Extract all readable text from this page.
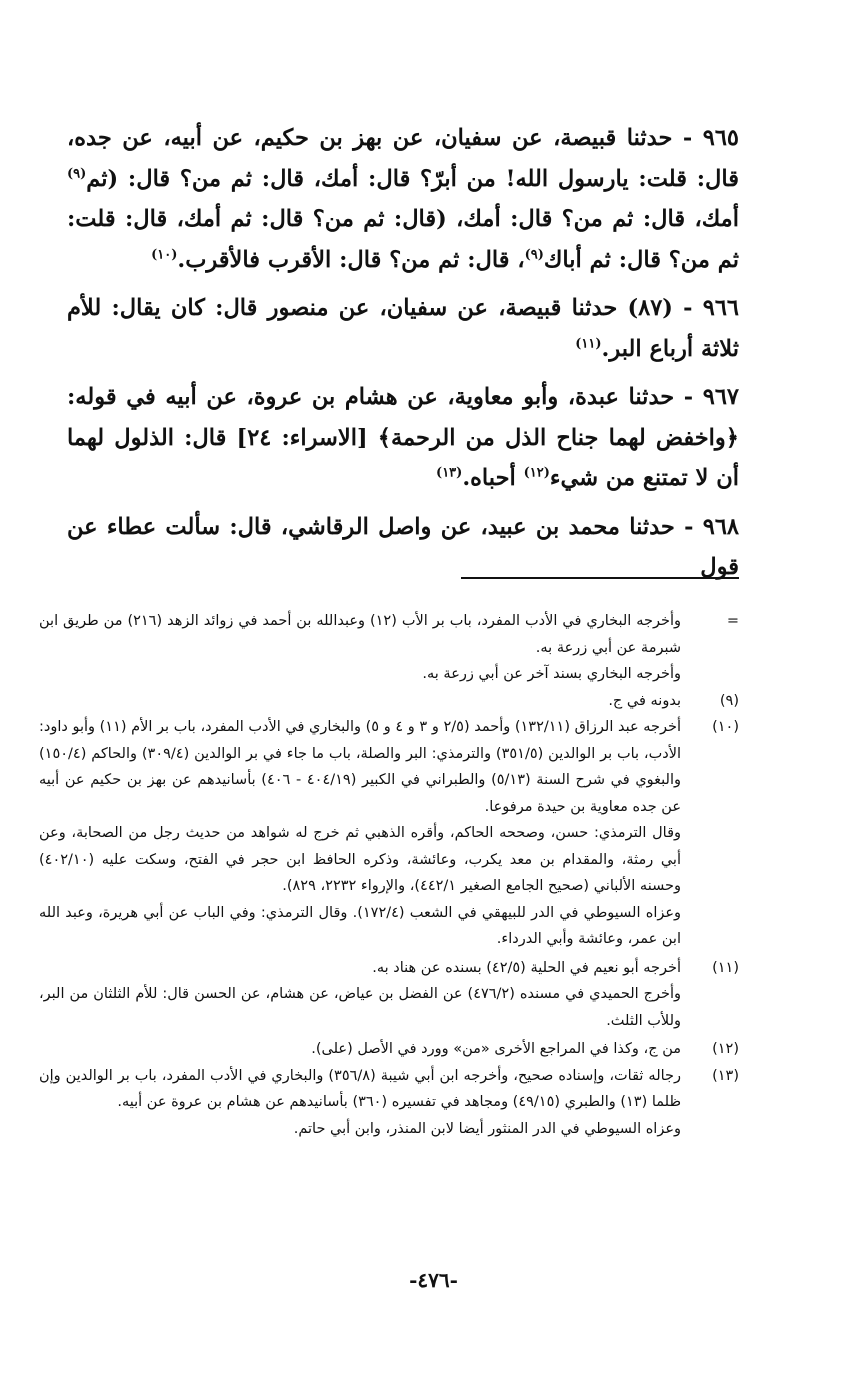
٩٦٥ - حدثنا قبيصة، عن سفيان، عن بهز بن حكيم، عن أبيه، عن جده، قال: قلت: يارسول الله! من أبرّ؟ قال: أمك، قال: ثم من؟ قال: (ثم$^{(٩)}$ أمك، قال: ثم من؟ قال: أمك، (قال: ثم من؟ قال: ثم أمك، قال: قلت: ثم من؟ قال: ثم أباك$^{(٩)}$، قال: ثم من؟ قال: الأقرب فالأقرب.$^{(١٠)}$

٩٦٦ - (٨٧) حدثنا قبيصة، عن سفيان، عن منصور قال: كان يقال: للأم ثلاثة أرباع البر.$^{(١١)}$

٩٦٧ - حدثنا عبدة، وأبو معاوية، عن هشام بن عروة، عن أبيه في قوله: ﴿واخفض لهما جناح الذل من الرحمة﴾ [الاسراء: ٢٤] قال: الذلول لهما أن لا تمتنع من شيء$^{(١٢)}$ أحباه.$^{(١٣)}$

٩٦٨ - حدثنا محمد بن عبيد، عن واصل الرقاشي، قال: سألت عطاء عن قول

=

وأخرجه البخاري في الأدب المفرد، باب بر الأب (١٢) وعبدالله بن أحمد في زوائد الزهد (٢١٦) من طريق ابن شبرمة عن أبي زرعة به.

وأخرجه البخاري بسند آخر عن أبي زرعة به.

(٩)

بدونه في ج.

(١٠)

أخرجه عبد الرزاق (١٣٢/١١) وأحمد (٢/٥ و ٣ و ٤ و ٥) والبخاري في الأدب المفرد، باب بر الأم (١١) وأبو داود: الأدب، باب بر الوالدين (٣٥١/٥) والترمذي: البر والصلة، باب ما جاء في بر الوالدين (٣٠٩/٤) والحاكم (١٥٠/٤) والبغوي في شرح السنة (٥/١٣) والطبراني في الكبير (٤٠٤/١٩ - ٤٠٦) بأسانيدهم عن بهز بن حكيم عن أبيه عن جده معاوية بن حيدة مرفوعا.

وقال الترمذي: حسن، وصححه الحاكم، وأقره الذهبي ثم خرج له شواهد من حديث رجل من الصحابة، وعن أبي رمثة، والمقدام بن معد يكرب، وعائشة، وذكره الحافظ ابن حجر في الفتح، وسكت عليه (٤٠٢/١٠) وحسنه الألباني (صحيح الجامع الصغير ٤٤٢/١)، والإرواء ٢٢٣٢، ٨٢٩).

وعزاه السيوطي في الدر للبيهقي في الشعب (١٧٢/٤). وقال الترمذي: وفي الباب عن أبي هريرة، وعبد الله ابن عمر، وعائشة وأبي الدرداء.

(١١)

أخرجه أبو نعيم في الحلية (٤٢/٥) بسنده عن هناد به.

وأخرج الحميدي في مسنده (٤٧٦/٢) عن الفضل بن عياض، عن هشام، عن الحسن قال: للأم الثلثان من البر، وللأب الثلث.

(١٢)

من ج، وكذا في المراجع الأخرى «من» وورد في الأصل (على).

(١٣)

رجاله ثقات، وإسناده صحيح، وأخرجه ابن أبي شيبة (٣٥٦/٨) والبخاري في الأدب المفرد، باب بر الوالدين وإن ظلما (١٣) والطبري (٤٩/١٥) ومجاهد في تفسيره (٣٦٠) بأسانيدهم عن هشام بن عروة عن أبيه.

وعزاه السيوطي في الدر المنثور أيضا لابن المنذر، وابن أبي حاتم.

-٤٧٦-
